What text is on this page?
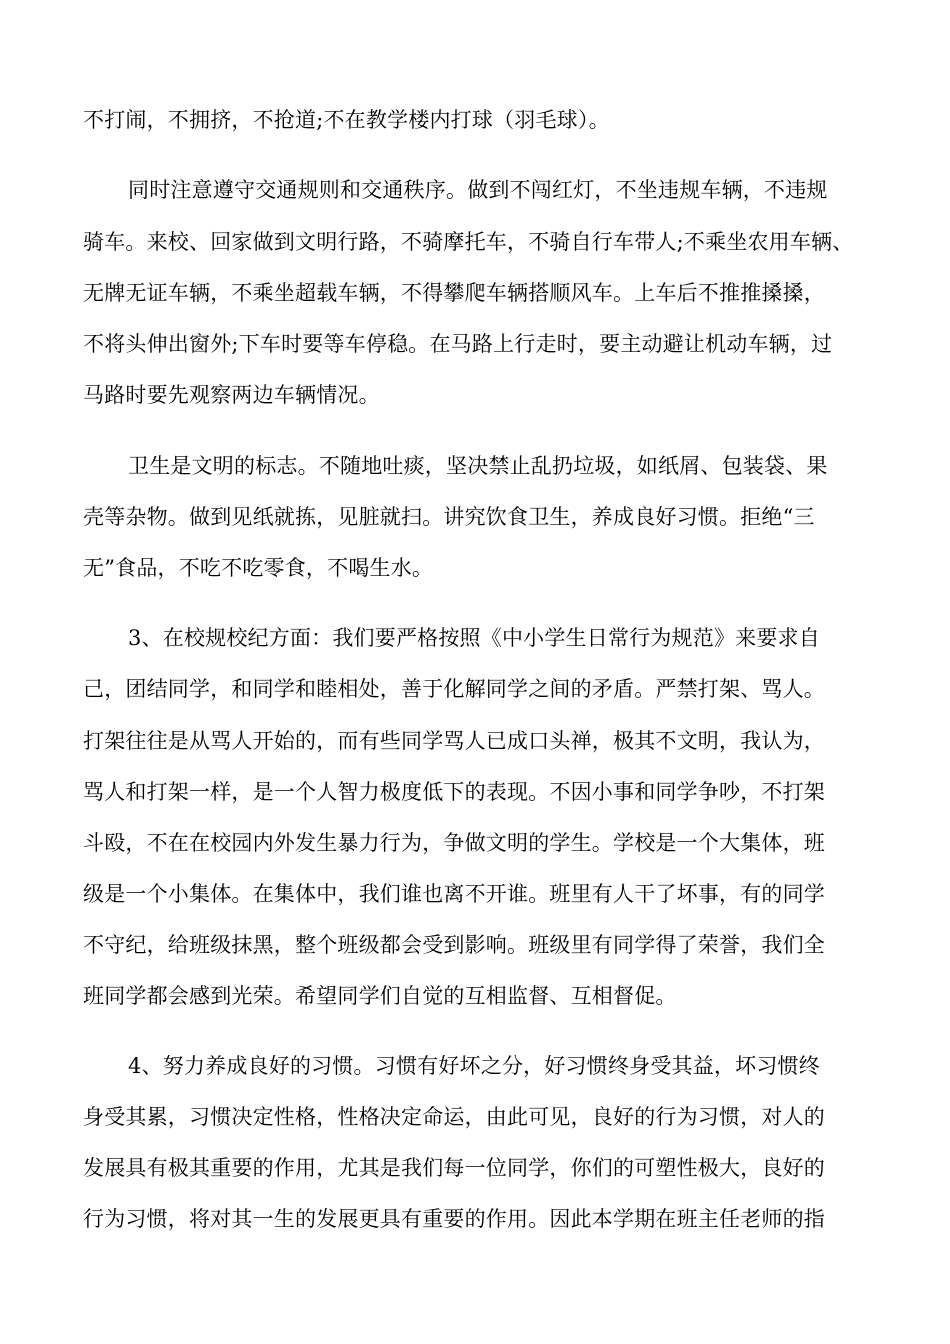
不打闹，不拥挤，不抢道;不在教学楼内打球（羽毛球）。
同时注意遵守交通规则和交通秩序。做到不闯红灯，不坐违规车辆，不违规
骑车。来校、回家做到文明行路，不骑摩托车，不骑自行车带人;不乘坐农用车辆、
无牌无证车辆，不乘坐超载车辆，不得攀爬车辆搭顺风车。上车后不推推搡搡，
不将头伸出窗外;下车时要等车停稳。在马路上行走时，要主动避让机动车辆，过
马路时要先观察两边车辆情况。
卫生是文明的标志。不随地吐痰，坚决禁止乱扔垃圾，如纸屑、包装袋、果
壳等杂物。做到见纸就拣，见脏就扫。讲究饮食卫生，养成良好习惯。拒绝“三
无”食品，不吃不吃零食，不喝生水。
3、在校规校纪方面：我们要严格按照《中小学生日常行为规范》来要求自
己，团结同学，和同学和睦相处，善于化解同学之间的矛盾。严禁打架、骂人。
打架往往是从骂人开始的，而有些同学骂人已成口头禅，极其不文明，我认为，
骂人和打架一样，是一个人智力极度低下的表现。不因小事和同学争吵，不打架
斗殴，不在在校园内外发生暴力行为，争做文明的学生。学校是一个大集体，班
级是一个小集体。在集体中，我们谁也离不开谁。班里有人干了坏事，有的同学
不守纪，给班级抹黑，整个班级都会受到影响。班级里有同学得了荣誉，我们全
班同学都会感到光荣。希望同学们自觉的互相监督、互相督促。
4、努力养成良好的习惯。习惯有好坏之分，好习惯终身受其益，坏习惯终
身受其累，习惯决定性格，性格决定命运，由此可见，良好的行为习惯，对人的
发展具有极其重要的作用，尤其是我们每一位同学，你们的可塑性极大，良好的
行为习惯，将对其一生的发展更具有重要的作用。因此本学期在班主任老师的指
